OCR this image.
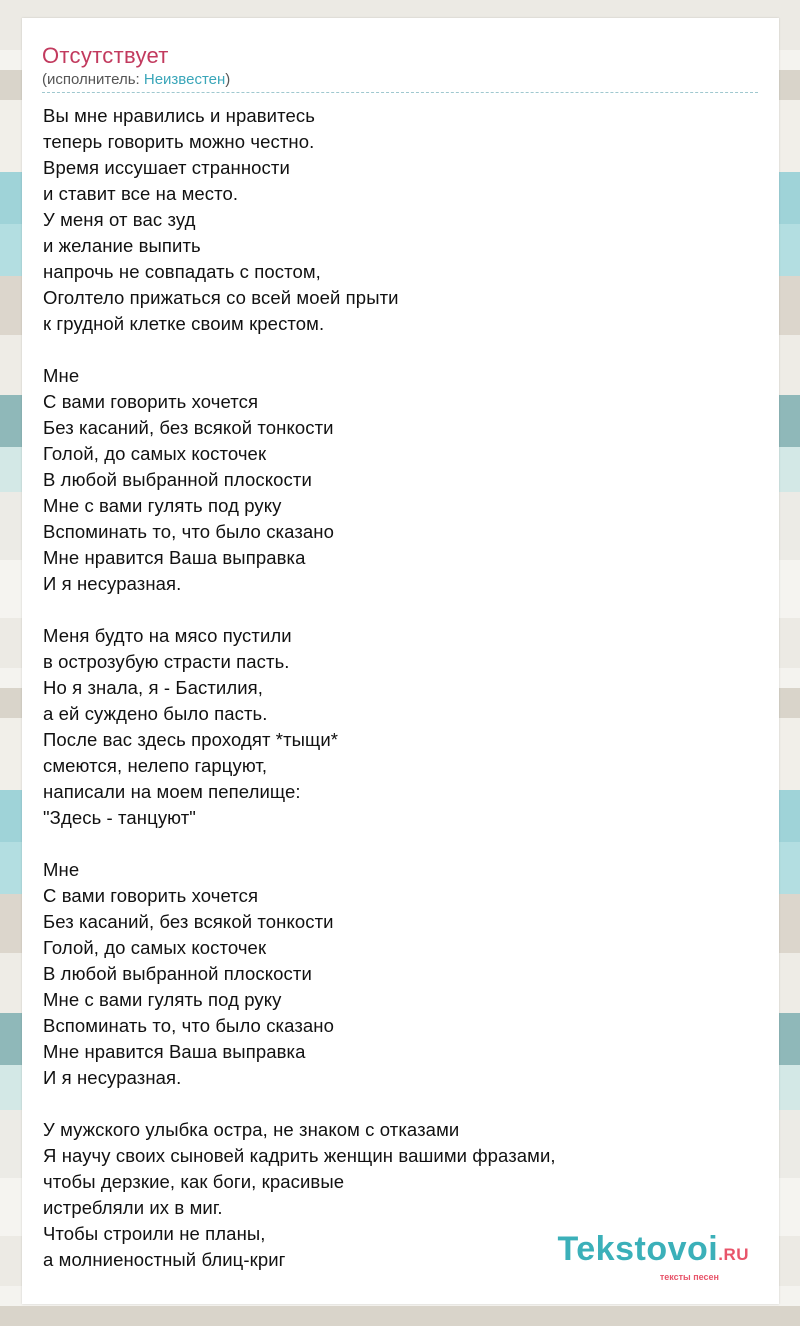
Отсутствует
(исполнитель: Неизвестен)
Вы мне нравились и нравитесь
теперь говорить можно честно.
Время иссушает странности
и ставит все на место.
У меня от вас зуд
и желание выпить
напрочь не совпадать с постом,
Оголтело прижаться со всей моей прыти
к грудной клетке своим крестом.
Мне
С вами говорить хочется
Без касаний, без всякой тонкости
Голой, до самых косточек
В любой выбранной плоскости
Мне с вами гулять под руку
Вспоминать то, что было сказано
Мне нравится Ваша выправка
И я несуразная.
Меня будто на мясо пустили
в острозубую страсти пасть.
Но я знала, я - Бастилия,
а ей суждено было пасть.
После вас здесь проходят *тыщи*
смеются, нелепо гарцуют,
написали на моем пепелище:
"Здесь - танцуют"
Мне
С вами говорить хочется
Без касаний, без всякой тонкости
Голой, до самых косточек
В любой выбранной плоскости
Мне с вами гулять под руку
Вспоминать то, что было сказано
Мне нравится Ваша выправка
И я несуразная.
У мужского улыбка остра, не знаком с отказами
Я научу своих сыновей кадрить женщин вашими фразами,
чтобы дерзкие, как боги, красивые
истребляли их в миг.
Чтобы строили не планы,
а молниеностный блиц-криг	Tekstovoi.RU
тексты песен
